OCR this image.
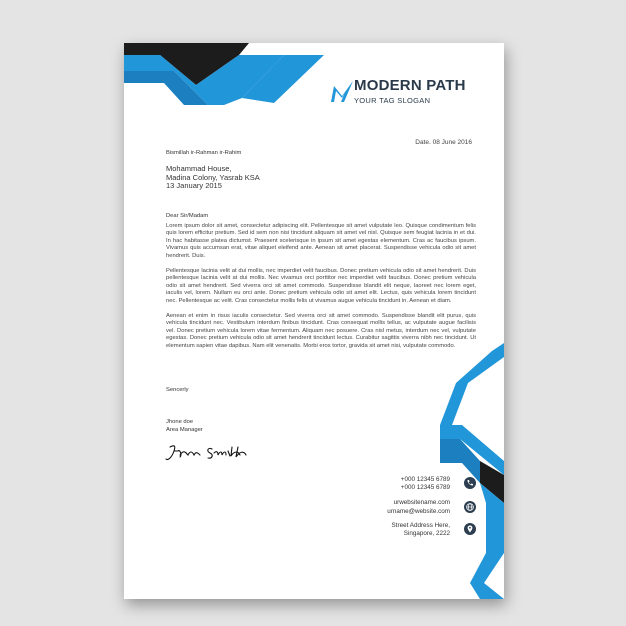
MODERN PATH
YOUR TAG SLOGAN
Date. 08 June 2016
Bismillah ir-Rahman ir-Rahim
Mohammad House,
Madina Colony, Yasrab KSA
13 January 2015
Dear Sir/Madam
Lorem ipsum dolor sit amet, consectetur adipiscing elit. Pellentesque sit amet vulputate leo. Quisque condimentum felis quis lorem efficitur pretium. Sed id sem non nisi tincidunt aliquam sit amet vel nisl. Quisque sem feugiat lacinia in et dui. In hac habitasse platea dictumst. Praesent scelerisque in ipsum sit amet egestas elementum. Cras ac faucibus ipsum. Vivamus quis accumsan erat, vitae aliquet eleifend ante. Aenean sit amet placerat. Suspendisse vehicula odio sit amet hendrerit. Duis.
Pellentesque lacinia velit at dui mollis, nec imperdiet velit faucibus. Donec pretium vehicula odio sit amet hendrerit. Duis pellentesque lacinia velit at dui mollis. Nec vivamus orci porttitor nec imperdiet velit faucibus. Donec pretium vehicula odio sit amet hendrerit. Sed viverra orci sit amet commodo. Suspendisse blandit elit neque, laoreet nec lorem eget, iaculis vel, lorem. Nullam eu orci ante. Donec pretium vehicula odio sit amet elit. Lectus, quis vehicula lorem tincidunt nec. Pellentesque ac velit. Cras consectetur mollis felis ut vivamus augue vehicula tincidunt in. Aenean et diam.
Aenean et enim in risus iaculis consectetur. Sed viverra orci sit amet commodo. Suspendisse blandit elit purus, quis vehicula tincidunt nec. Vestibulum interdum finibus tincidunt. Cras consequat mollis tellus, ac vulputate augue facilisis vel. Donec pretium vehicula lorem vitae fermentum. Aliquam nec posuere. Cras nisl metus, interdum nec vel, vulputate egestas. Donec pretium vehicula odio sit amet hendrerit tincidunt lectus. Curabitur sagittis viverra nibh nec tincidunt. Ut elementum sapien vitae dapibus. Nam elit venenatis. Morbi eros tortor, gravida sit amet nisi, vulputate commodo.
Sencerly
Jhone doe
Area Manager
+000 12345 6789
+000 12345 6789
urwebsitename.com
urname@website.com
Street Address Here,
Singapore, 2222
